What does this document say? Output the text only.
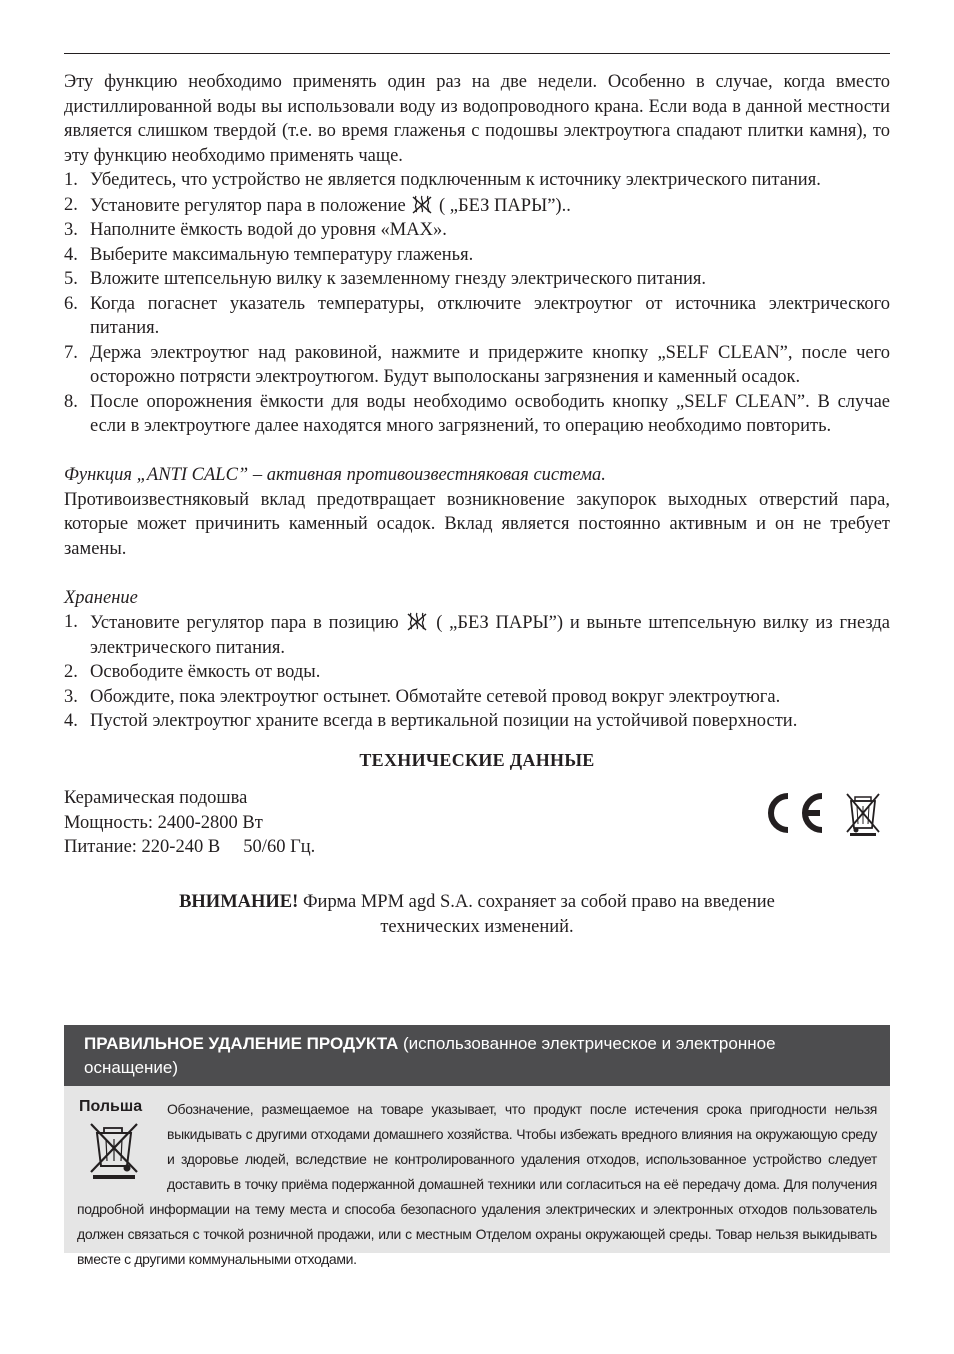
Эту функцию необходимо применять один раз на две недели. Особенно в случае, когда вместо дистиллированной воды вы использовали воду из водопроводного крана. Если вода в данной местности является слишком твердой (т.е. во время глаженья с подошвы электроутюга спадают плитки камня), то эту функцию необходимо применять чаще.

1. Убедитесь, что устройство не является подключенным к источнику электрического питания.
2. Установите регулятор пара в положение  ( „БЕЗ ПАРЫ”)..
3. Наполните ёмкость водой до уровня «MAX».
4. Выберите максимальную температуру глаженья.
5. Вложите штепсельную вилку к заземленному гнезду электрического питания.
6. Когда погаснет указатель температуры, отключите электроутюг от источника электрического питания.
7. Держа электроутюг над раковиной, нажмите и придержите кнопку „SELF CLEAN”, после чего осторожно потрясти электроутюгом. Будут выполосканы загрязнения и каменный осадок.
8. После опорожнения ёмкости для воды необходимо освободить кнопку „SELF CLEAN”. В случае если в электроутюге далее находятся много загрязнений, то операцию необходимо повторить.

Функция „ANTI CALC” – активная противоизвестняковая система.

Противоизвестняковый вклад предотвращает возникновение закупорок выходных отверстий пара, которые может причинить каменный осадок. Вклад является постоянно активным и он не требует замены.

Хранение

1. Установите регулятор пара в позицию  ( „БЕЗ ПАРЫ”) и выньте штепсельную вилку из гнезда электрического питания.
2. Освободите ёмкость от воды.
3. Обождите, пока электроутюг остынет. Обмотайте сетевой провод вокруг электроутюга.
4. Пустой электроутюг храните всегда в вертикальной позиции на устойчивой поверхности.
ТЕХНИЧЕСКИЕ ДАННЫЕ

Керамическая подошва

Мощность: 2400-2800 Вт

Питание: 220-240 В     50/60 Гц.

ВНИМАНИЕ! Фирма MPM agd S.A. сохраняет за собой право на введение
технических изменений.
ПРАВИЛЬНОЕ УДАЛЕНИЕ ПРОДУКТА (использованное электрическое и электронное оснащение)
Польша	Обозначение, размещаемое на товаре указывает, что продукт после истечения срока пригодности нельзя выкидывать с другими отходами домашнего хозяйства. Чтобы избежать вредного влияния на окружающую среду и здоровье людей, вследствие не контролированного удаления отходов, использованное устройство следует доставить в точку приёма подержанной домашней техники или согласиться на её передачу дома. Для получения подробной информации на тему места и способа безопасного удаления электрических и электронных отходов пользователь должен связаться с точкой розничной продажи, или с местным Отделом охраны окружающей среды. Товар нельзя выкидывать вместе с другими коммунальными отходами.
